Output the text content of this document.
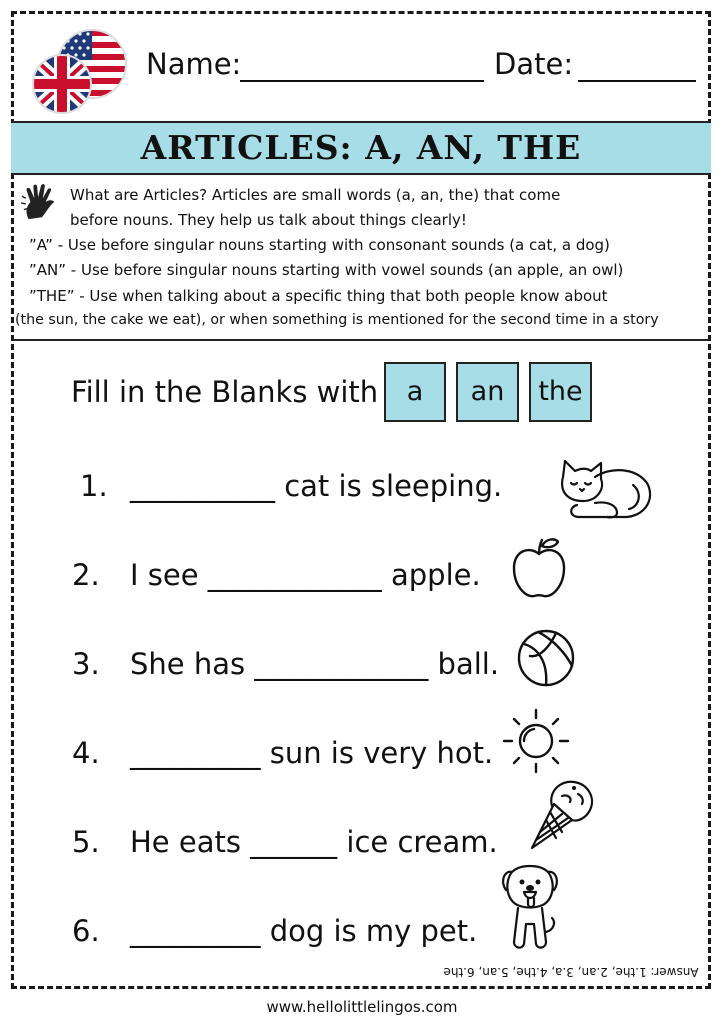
Name:	Date:
ARTICLES: A, AN, THE
What are Articles? Articles are small words (a, an, the) that come
before nouns. They help us talk about things clearly!
”A” - Use before singular nouns starting with consonant sounds (a cat, a dog)
”AN” - Use before singular nouns starting with vowel sounds (an apple, an owl)
”THE” - Use when talking about a specific thing that both people know about
(the sun, the cake we eat), or when something is mentioned for the second time in a story
Fill in the Blanks with	a	an	the
1. __________ cat is sleeping.
2. I see ____________ apple.
3. She has ____________ ball.
4. _________ sun is very hot.
5. He eats ______ ice cream.
6. _________ dog is my pet.
Answer: 1.the, 2.an, 3.a, 4.the, 5.an, 6.the
www.hellolittlelingos.com
